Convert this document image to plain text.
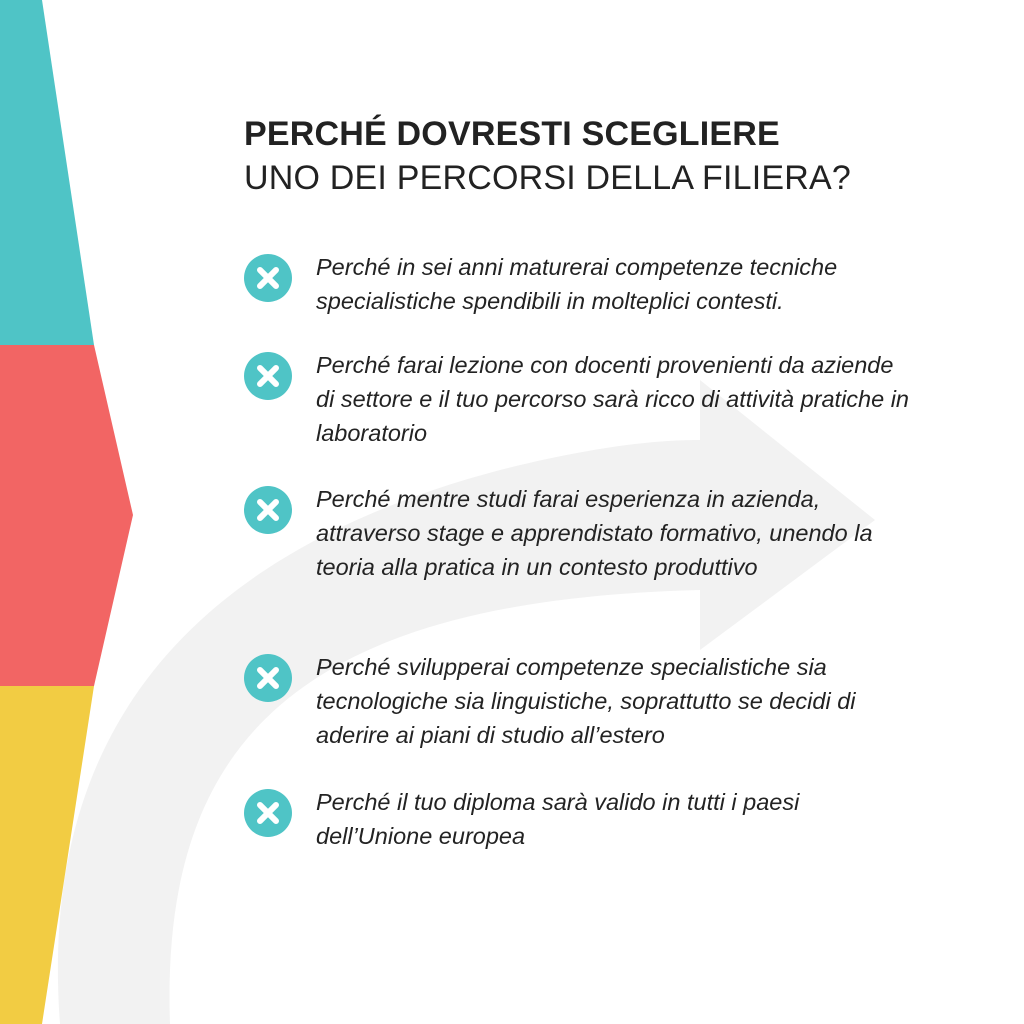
PERCHÉ DOVRESTI SCEGLIERE
UNO DEI PERCORSI DELLA FILIERA?

Perché in sei anni maturerai competenze tecniche specialistiche spendibili in molteplici contesti.

Perché farai lezione con docenti provenienti da aziende di settore e il tuo percorso sarà ricco di attività pratiche in laboratorio

Perché mentre studi farai esperienza in azienda, attraverso stage e apprendistato formativo, unendo la teoria alla pratica in un contesto produttivo

Perché svilupperai competenze specialistiche sia tecnologiche sia linguistiche, soprattutto se decidi di aderire ai piani di studio all’estero

Perché il tuo diploma sarà valido in tutti i paesi dell’Unione europea
